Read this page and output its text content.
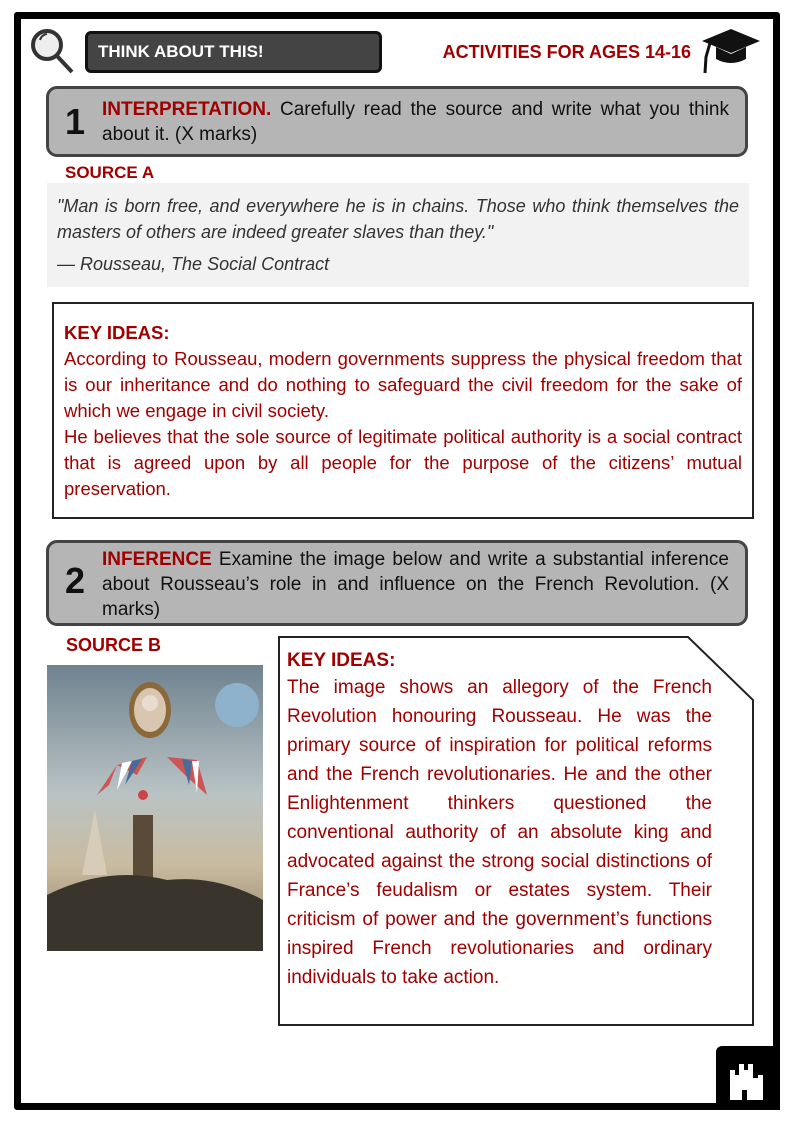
THINK ABOUT THIS!	ACTIVITIES FOR AGES 14-16
1 INTERPRETATION. Carefully read the source and write what you think about it. (X marks)
SOURCE A
"Man is born free, and everywhere he is in chains. Those who think themselves the masters of others are indeed greater slaves than they."
— Rousseau, The Social Contract
KEY IDEAS:
According to Rousseau, modern governments suppress the physical freedom that is our inheritance and do nothing to safeguard the civil freedom for the sake of which we engage in civil society.
He believes that the sole source of legitimate political authority is a social contract that is agreed upon by all people for the purpose of the citizens’ mutual preservation.
2
INFERENCE Examine the image below and write a substantial inference about Rousseau’s role in and influence on the French Revolution. (X marks)
SOURCE B
KEY IDEAS:
The image shows an allegory of the French Revolution honouring Rousseau. He was the primary source of inspiration for political reforms and the French revolutionaries. He and the other Enlightenment thinkers questioned the conventional authority of an absolute king and advocated against the strong social distinctions of France’s feudalism or estates system. Their criticism of power and the government’s functions inspired French revolutionaries and ordinary individuals to take action.
